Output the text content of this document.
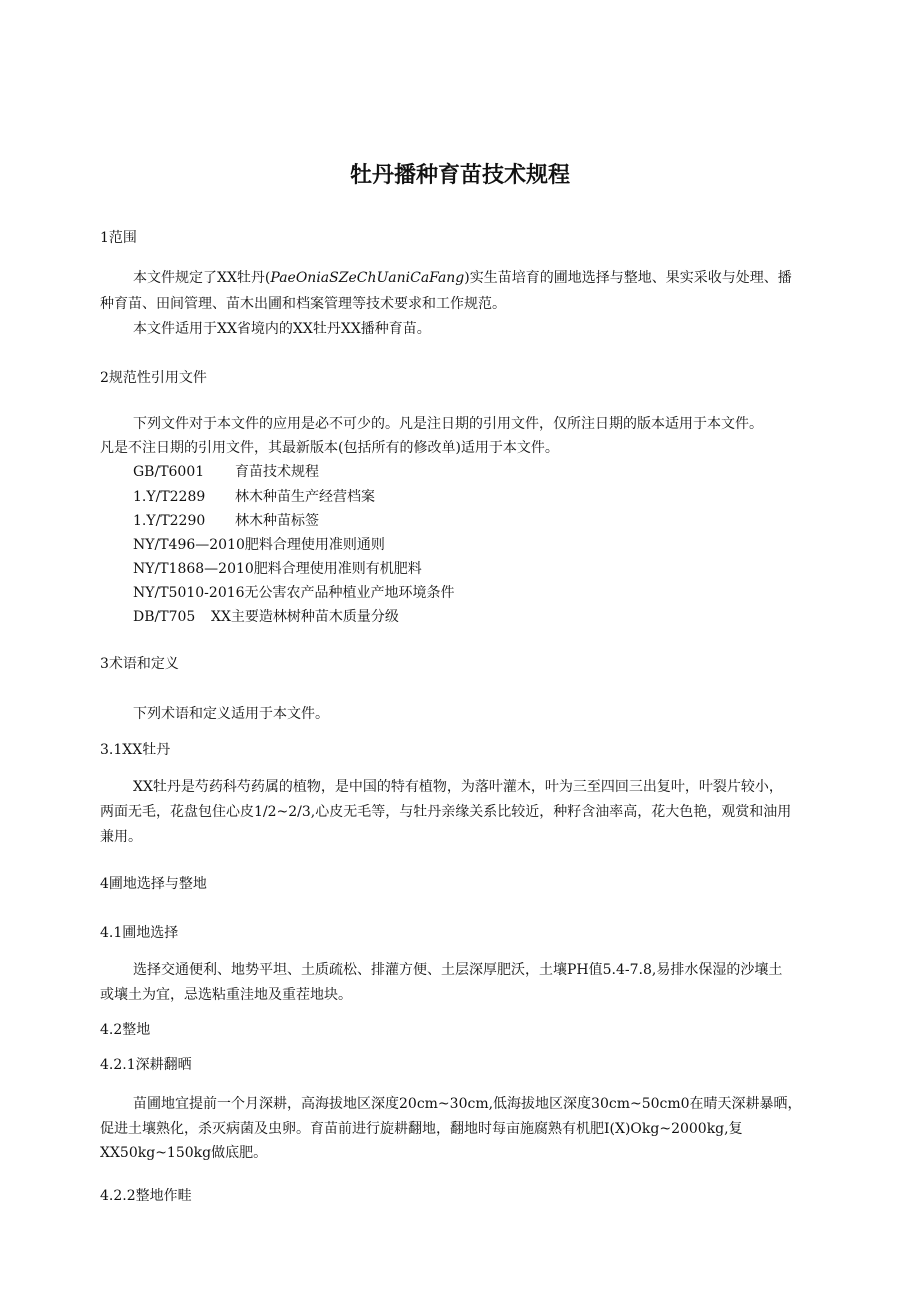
牡丹播种育苗技术规程

1范围

本文件规定了XX牡丹(PaeOniaSZeChUaniCaFang)实生苗培育的圃地选择与整地、果实采收与处理、播

种育苗、田间管理、苗木出圃和档案管理等技术要求和工作规范。

本文件适用于XX省境内的XX牡丹XX播种育苗。

2规范性引用文件

下列文件对于本文件的应用是必不可少的。凡是注日期的引用文件，仅所注日期的版本适用于本文件。

凡是不注日期的引用文件，其最新版本(包括所有的修改单)适用于本文件。

GB/T6001 育苗技术规程

1.Y/T2289 林木种苗生产经营档案

1.Y/T2290 林木种苗标签

NY/T496—2010肥料合理使用准则通则

NY/T1868—2010肥料合理使用准则有机肥料

NY/T5010-2016无公害农产品种植业产地环境条件

DB/T705 XX主要造林树种苗木质量分级

3术语和定义

下列术语和定义适用于本文件。

3.1XX牡丹

XX牡丹是芍药科芍药属的植物，是中国的特有植物，为落叶灌木，叶为三至四回三出复叶，叶裂片较小，

两面无毛，花盘包住心皮1/2~2/3,心皮无毛等，与牡丹亲缘关系比较近，种籽含油率高，花大色艳，观赏和油用

兼用。

4圃地选择与整地

4.1圃地选择

选择交通便利、地势平坦、土质疏松、排灌方便、土层深厚肥沃，土壤PH值5.4-7.8,易排水保湿的沙壤土

或壤土为宜，忌选粘重洼地及重茬地块。

4.2整地

4.2.1深耕翻晒

苗圃地宜提前一个月深耕，高海拔地区深度20cm~30cm,低海拔地区深度30cm~50cm0在晴天深耕暴晒，

促进土壤熟化，杀灭病菌及虫卵。育苗前进行旋耕翻地，翻地时每亩施腐熟有机肥I(X)Okg~2000kg,复

XX50kg~150kg做底肥。

4.2.2整地作畦
